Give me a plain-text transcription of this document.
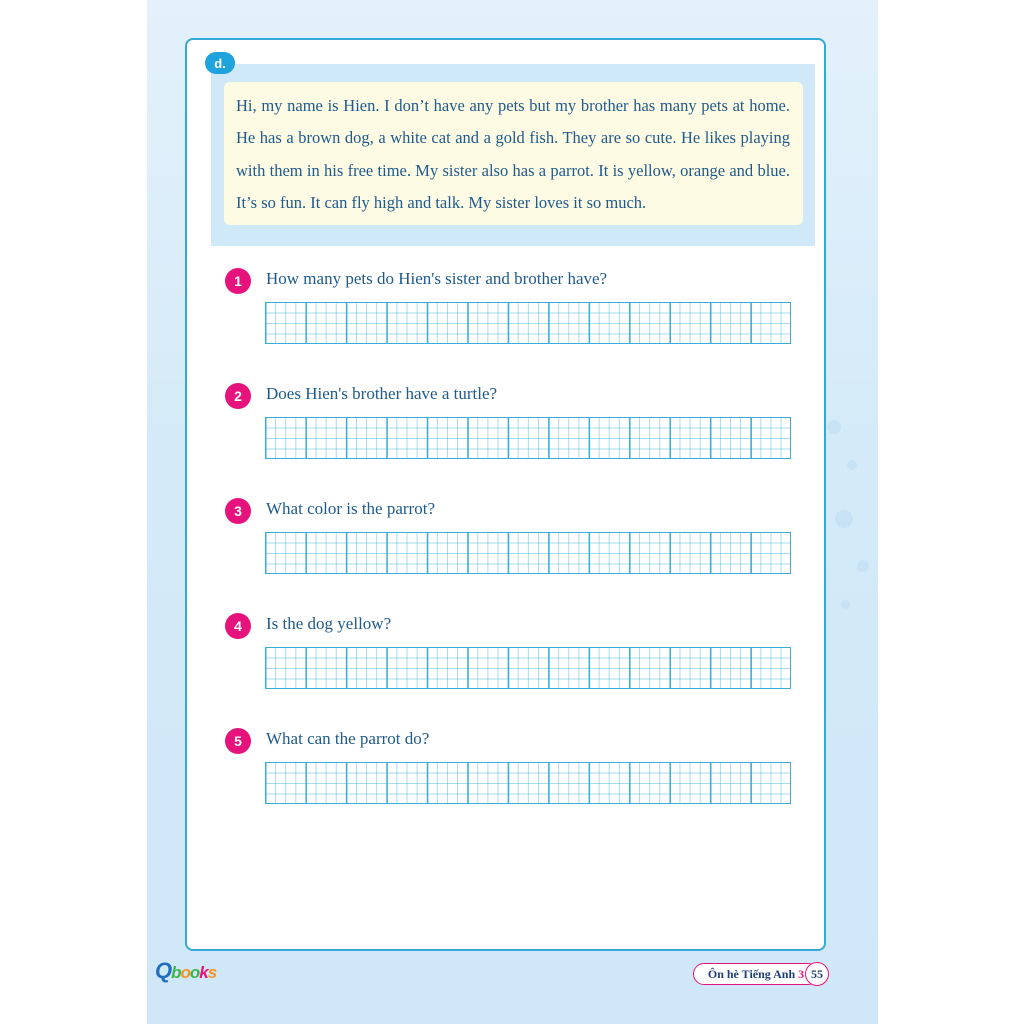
d.

Hi, my name is Hien. I don’t have any pets but my brother has many pets at home. He has a brown dog, a white cat and a gold fish. They are so cute. He likes playing with them in his free time. My sister also has a parrot. It is yellow, orange and blue. It’s so fun. It can fly high and talk. My sister loves it so much.

1	How many pets do Hien's sister and brother have?
2	Does Hien's brother have a turtle?
3	What color is the parrot?
4	Is the dog yellow?
5	What can the parrot do?
Qbooks	Ôn hè Tiếng Anh 3 55
